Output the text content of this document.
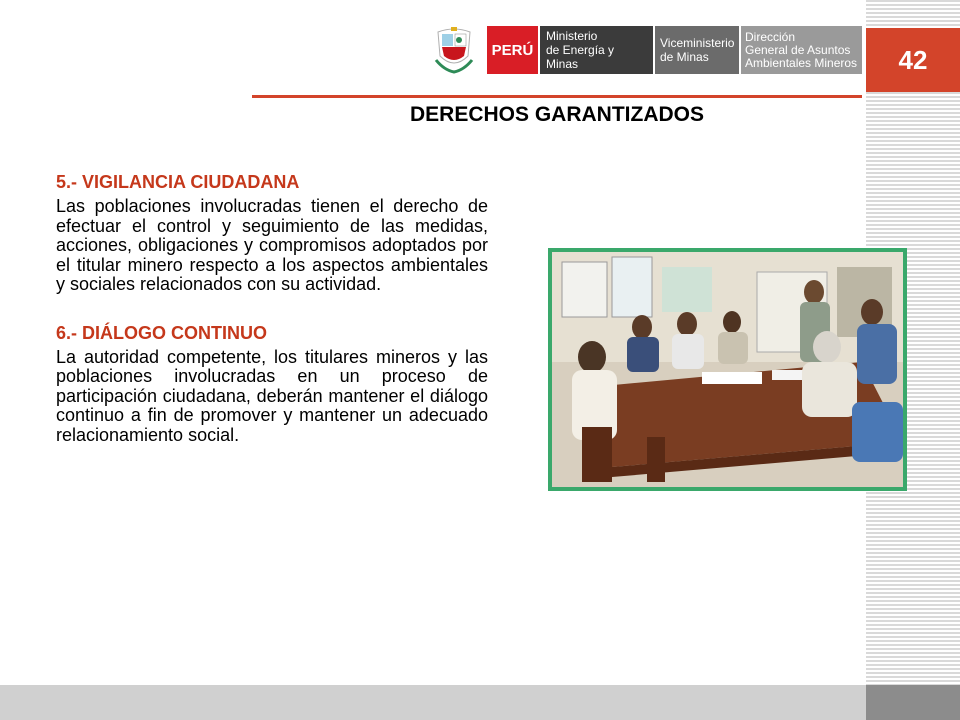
42
PERÚ
Ministerio
de Energía y Minas
Viceministerio
de Minas
Dirección
General de Asuntos
Ambientales Mineros
DERECHOS GARANTIZADOS

5.- VIGILANCIA CIUDADANA

Las poblaciones involucradas tienen el derecho de efectuar el control y seguimiento de las medidas, acciones, obligaciones y compromisos adoptados por el titular minero respecto a los aspectos ambientales y sociales relacionados con su actividad.

6.- DIÁLOGO CONTINUO

La autoridad competente, los titulares mineros y las poblaciones involucradas en un proceso de participación ciudadana, deberán mantener el diálogo continuo a fin de promover y mantener un adecuado relacionamiento social.
